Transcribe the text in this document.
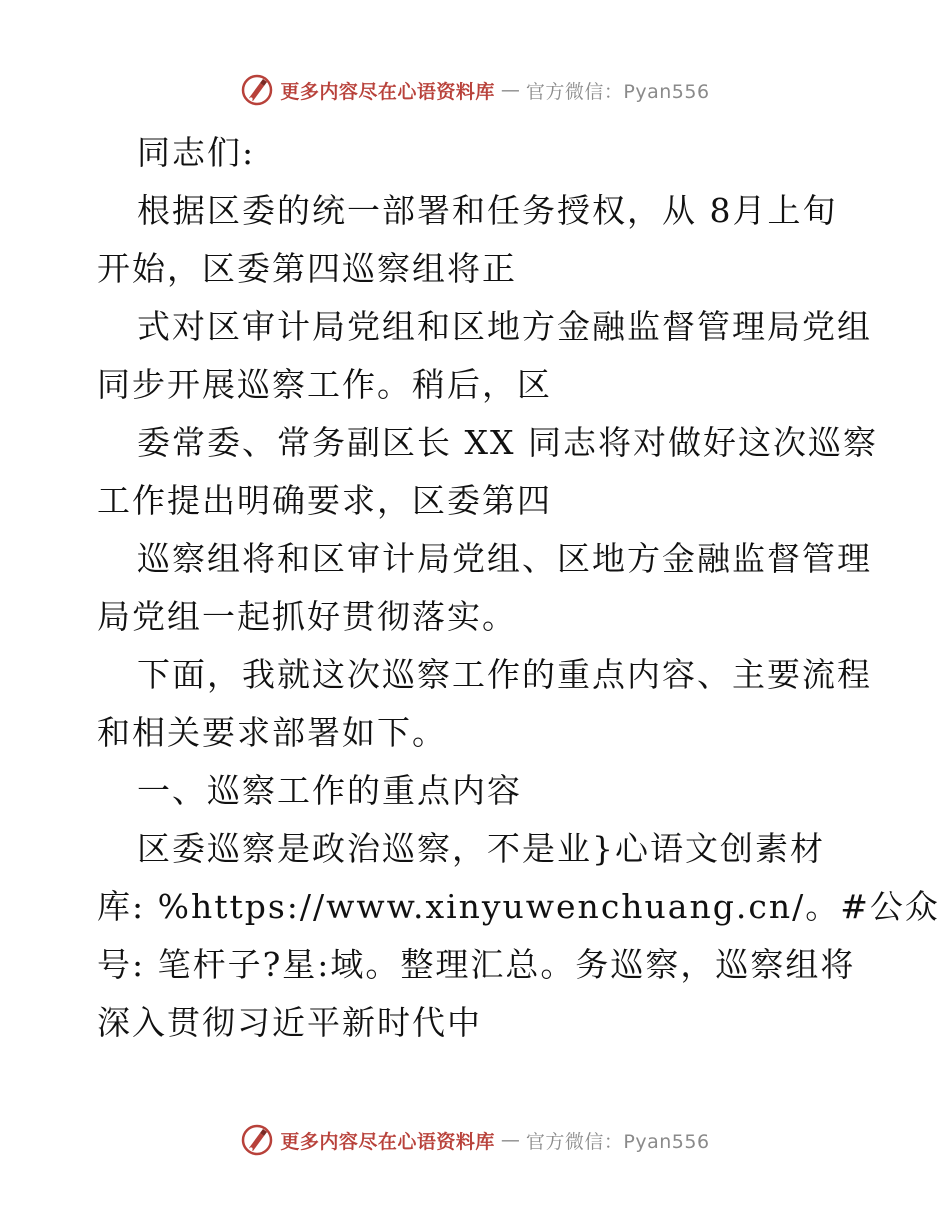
更多内容尽在心语资料库 — 官方微信：Pyan556
同志们:
根据区委的统一部署和任务授权，从 8月上旬
开始，区委第四巡察组将正
式对区审计局党组和区地方金融监督管理局党组
同步开展巡察工作。稍后，区
委常委、常务副区长 XX 同志将对做好这次巡察
工作提出明确要求，区委第四
巡察组将和区审计局党组、区地方金融监督管理
局党组一起抓好贯彻落实。
下面，我就这次巡察工作的重点内容、主要流程
和相关要求部署如下。
一、巡察工作的重点内容
区委巡察是政治巡察，不是业}心语文创素材
库: %https://www.xinyuwenchuang.cn/。#公众
号: 笔杆子?星:域。整理汇总。务巡察，巡察组将
深入贯彻习近平新时代中
更多内容尽在心语资料库 — 官方微信：Pyan556
